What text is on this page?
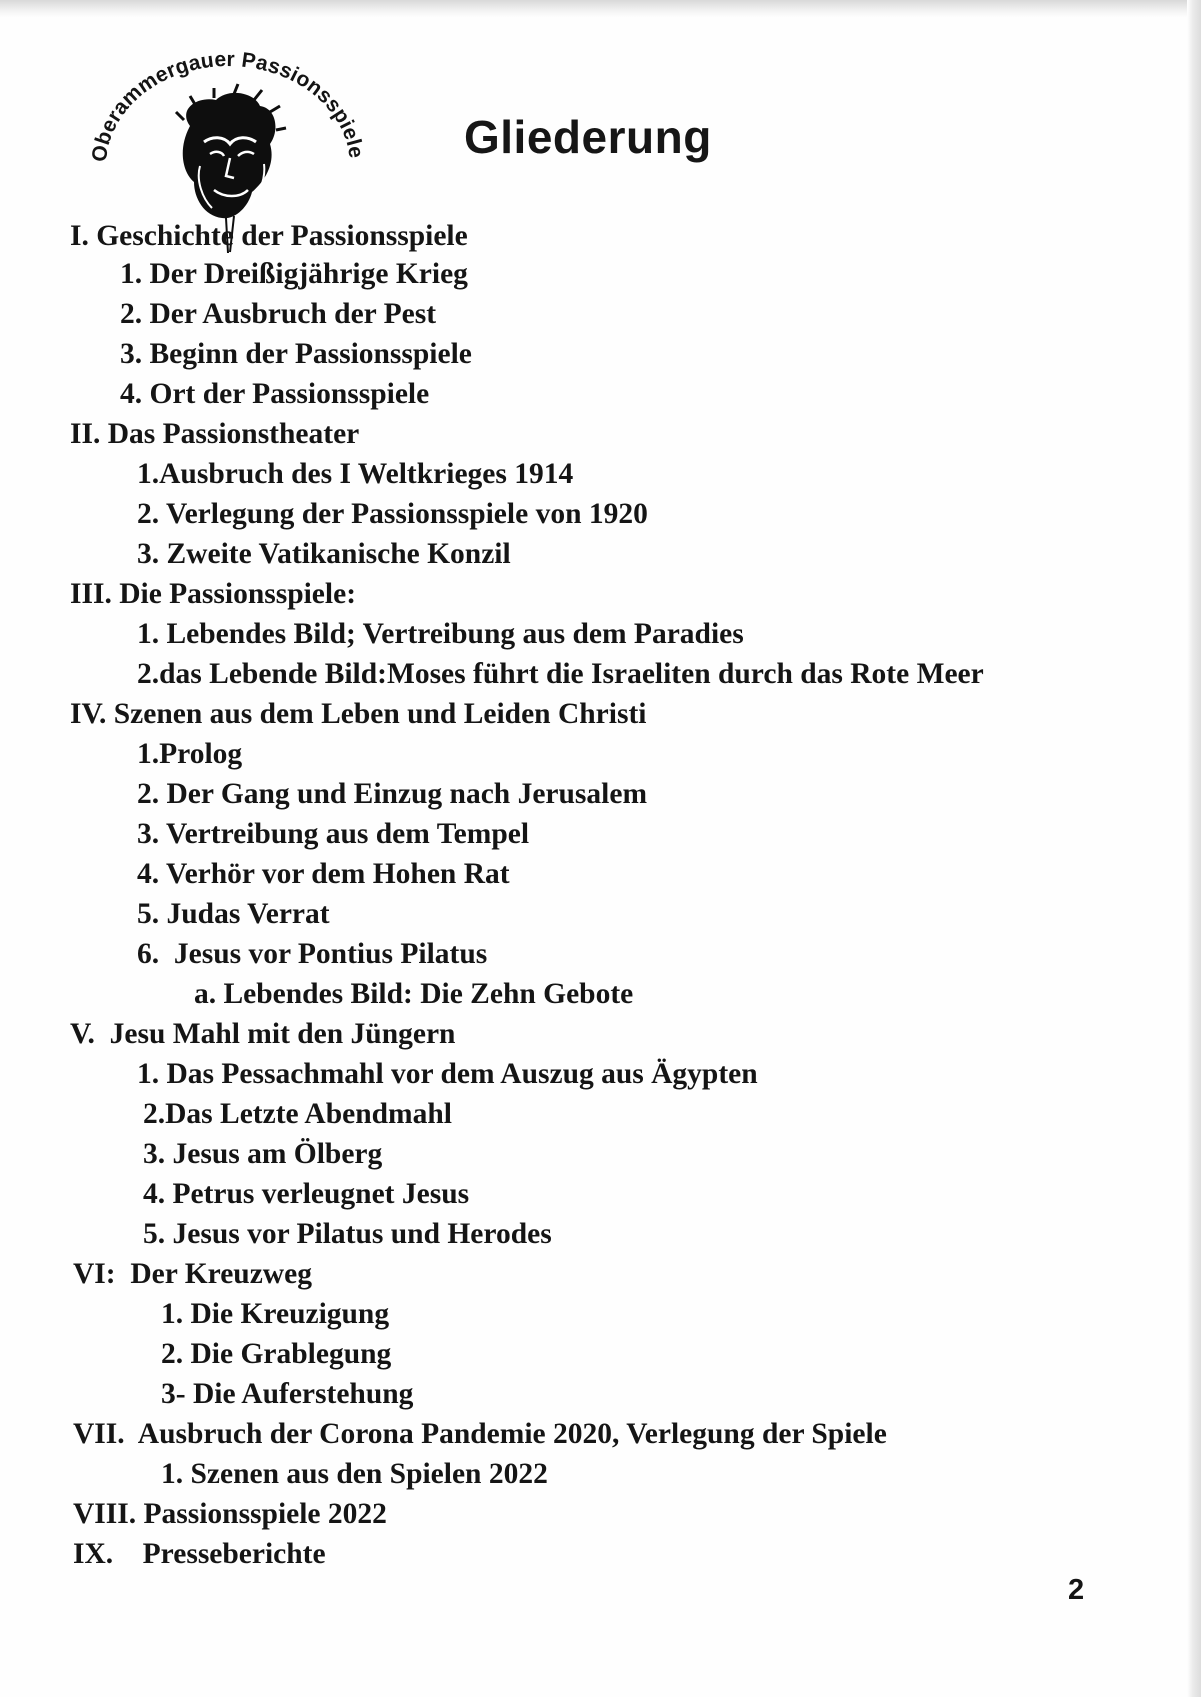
Oberammergauer Passionsspiele Gliederung
I. Geschichte der Passionsspiele
1. Der Dreißigjährige Krieg
2. Der Ausbruch der Pest
3. Beginn der Passionsspiele
4. Ort der Passionsspiele
II. Das Passionstheater
1.Ausbruch des I Weltkrieges 1914
2. Verlegung der Passionsspiele von 1920
3. Zweite Vatikanische Konzil
III. Die Passionsspiele:
1. Lebendes Bild; Vertreibung aus dem Paradies
2.das Lebende Bild:Moses führt die Israeliten durch das Rote Meer
IV. Szenen aus dem Leben und Leiden Christi
1.Prolog
2. Der Gang und Einzug nach Jerusalem
3. Vertreibung aus dem Tempel
4. Verhör vor dem Hohen Rat
5. Judas Verrat
6.  Jesus vor Pontius Pilatus
a. Lebendes Bild: Die Zehn Gebote
V.  Jesu Mahl mit den Jüngern
1. Das Pessachmahl vor dem Auszug aus Ägypten
2.Das Letzte Abendmahl
3. Jesus am Ölberg
4. Petrus verleugnet Jesus
5. Jesus vor Pilatus und Herodes
VI:  Der Kreuzweg
1. Die Kreuzigung
2. Die Grablegung
3- Die Auferstehung
VII.  Ausbruch der Corona Pandemie 2020, Verlegung der Spiele
1. Szenen aus den Spielen 2022
VIII. Passionsspiele 2022
IX.    Presseberichte
2
